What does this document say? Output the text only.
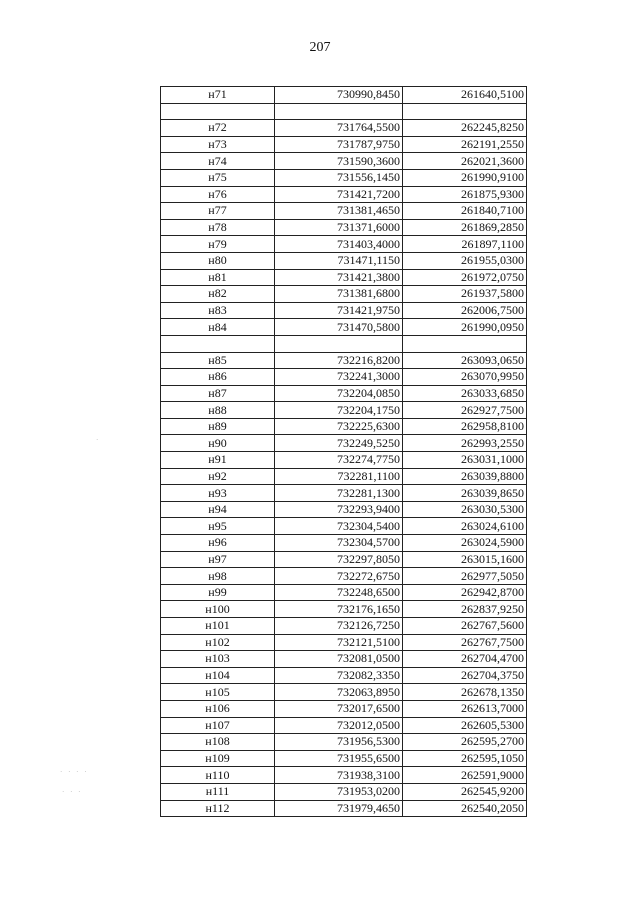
207
н71	730990,8450	261640,5100

н72	731764,5500	262245,8250
н73	731787,9750	262191,2550
н74	731590,3600	262021,3600
н75	731556,1450	261990,9100
н76	731421,7200	261875,9300
н77	731381,4650	261840,7100
н78	731371,6000	261869,2850
н79	731403,4000	261897,1100
н80	731471,1150	261955,0300
н81	731421,3800	261972,0750
н82	731381,6800	261937,5800
н83	731421,9750	262006,7500
н84	731470,5800	261990,0950

н85	732216,8200	263093,0650
н86	732241,3000	263070,9950
н87	732204,0850	263033,6850
н88	732204,1750	262927,7500
н89	732225,6300	262958,8100
н90	732249,5250	262993,2550
н91	732274,7750	263031,1000
н92	732281,1100	263039,8800
н93	732281,1300	263039,8650
н94	732293,9400	263030,5300
н95	732304,5400	263024,6100
н96	732304,5700	263024,5900
н97	732297,8050	263015,1600
н98	732272,6750	262977,5050
н99	732248,6500	262942,8700
н100	732176,1650	262837,9250
н101	732126,7250	262767,5600
н102	732121,5100	262767,7500
н103	732081,0500	262704,4700
н104	732082,3350	262704,3750
н105	732063,8950	262678,1350
н106	732017,6500	262613,7000
н107	732012,0500	262605,5300
н108	731956,5300	262595,2700
н109	731955,6500	262595,1050
н110	731938,3100	262591,9000
н111	731953,0200	262545,9200
н112	731979,4650	262540,2050
·
· · · ·
· · ·
